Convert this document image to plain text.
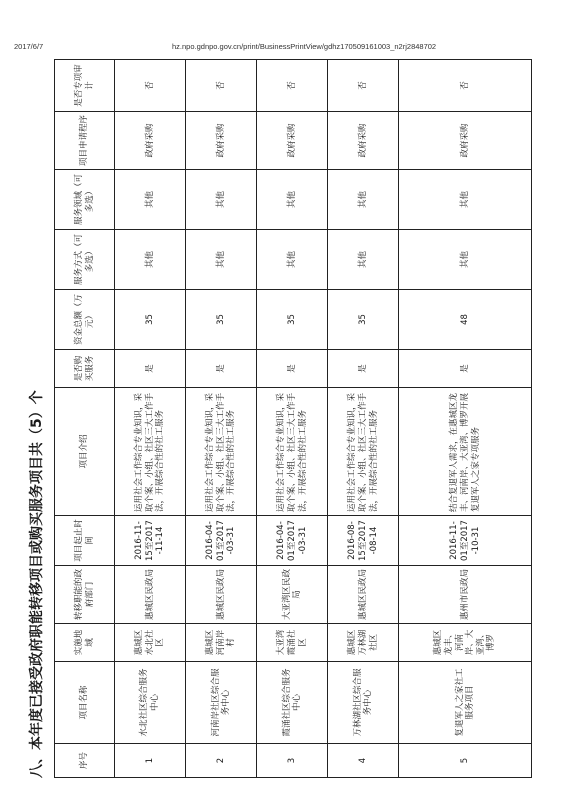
2017/6/7	hz.npo.gdnpo.gov.cn/print/BusinessPrintView/gdhz170509161003_n2rj2848702
八、本年度已接受政府职能转移项目或购买服务项目共（5）个	序号	项目名称	实施地域	转移职能的政府部门	项目起止时间	项目介绍	是否购买服务	资金总额（万元）	服务方式（可多选）	服务领域（可多选）	项目申请程序	是否专项审计
1	水北社区综合服务中心	惠城区水北社区	惠城区民政局	2016-11-15至2017-11-14	运用社会工作综合专业知识，采取个案、小组、社区三大工作手法，开展综合性的社工服务	是	35	其他	其他	政府采购	否
2	河南岸社区综合服务中心	惠城区河南岸村	惠城区民政局	2016-04-01至2017-03-31	运用社会工作综合专业知识，采取个案、小组、社区三大工作手法，开展综合性的社工服务	是	35	其他	其他	政府采购	否
3	霞涌社区综合服务中心	大亚湾霞涌社区	大亚湾区民政局	2016-04-01至2017-03-31	运用社会工作综合专业知识，采取个案、小组、社区三大工作手法，开展综合性的社工服务	是	35	其他	其他	政府采购	否
4	万林湖社区综合服务中心	惠城区万林湖社区	惠城区民政局	2016-08-15至2017-08-14	运用社会工作综合专业知识，采取个案、小组、社区三大工作手法，开展综合性的社工服务	是	35	其他	其他	政府采购	否
5	复退军人之家社工服务项目	惠城区龙丰、河南岸、大亚湾、博罗	惠州市民政局	2016-11-01至2017-10-31	结合复退军人需求，在惠城区龙丰、河南岸、大亚湾、博罗开展复退军人之家专项服务	是	48	其他	其他	政府采购	否
